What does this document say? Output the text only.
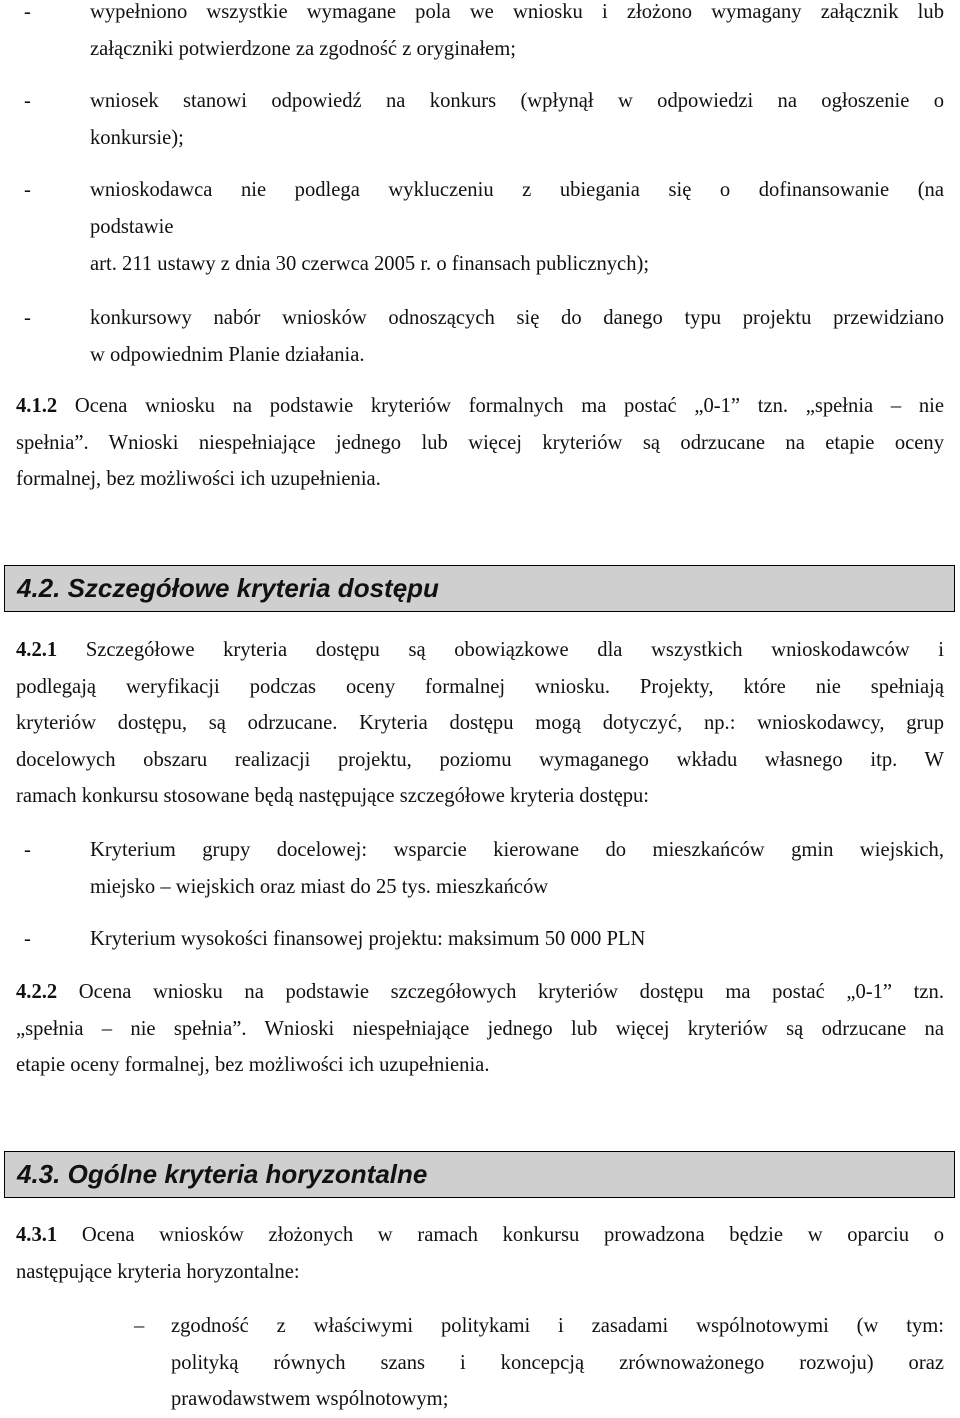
-	wypełniono wszystkie wymagane pola we wniosku i złożono wymagany załącznik lub
załączniki potwierdzone za zgodność z oryginałem;
-	wniosek stanowi odpowiedź na konkurs (wpłynął w odpowiedzi na ogłoszenie o
konkursie);
-	wnioskodawca nie podlega wykluczeniu z ubiegania się o dofinansowanie (na
podstawie
art. 211 ustawy z dnia 30 czerwca 2005 r. o finansach publicznych);
-	konkursowy nabór wniosków odnoszących się do danego typu projektu przewidziano
w odpowiednim Planie działania.
4.1.2 Ocena wniosku na podstawie kryteriów formalnych ma postać „0-1” tzn. „spełnia – nie
spełnia”. Wnioski niespełniające jednego lub więcej kryteriów są odrzucane na etapie oceny
formalnej, bez możliwości ich uzupełnienia.
4.2. Szczegółowe kryteria dostępu
4.2.1 Szczegółowe kryteria dostępu są obowiązkowe dla wszystkich wnioskodawców i
podlegają weryfikacji podczas oceny formalnej wniosku. Projekty, które nie spełniają
kryteriów dostępu, są odrzucane. Kryteria dostępu mogą dotyczyć, np.: wnioskodawcy, grup
docelowych obszaru realizacji projektu, poziomu wymaganego wkładu własnego itp. W
ramach konkursu stosowane będą następujące szczegółowe kryteria dostępu:
-	Kryterium grupy docelowej: wsparcie kierowane do mieszkańców gmin wiejskich,
miejsko – wiejskich oraz miast do 25 tys. mieszkańców
-	Kryterium wysokości finansowej projektu: maksimum 50 000 PLN
4.2.2 Ocena wniosku na podstawie szczegółowych kryteriów dostępu ma postać „0-1” tzn.
„spełnia – nie spełnia”. Wnioski niespełniające jednego lub więcej kryteriów są odrzucane na
etapie oceny formalnej, bez możliwości ich uzupełnienia.
4.3. Ogólne kryteria horyzontalne
4.3.1 Ocena wniosków złożonych w ramach konkursu prowadzona będzie w oparciu o
następujące kryteria horyzontalne:
–	zgodność z właściwymi politykami i zasadami wspólnotowymi (w tym:
polityką równych szans i koncepcją zrównoważonego rozwoju) oraz
prawodawstwem wspólnotowym;
